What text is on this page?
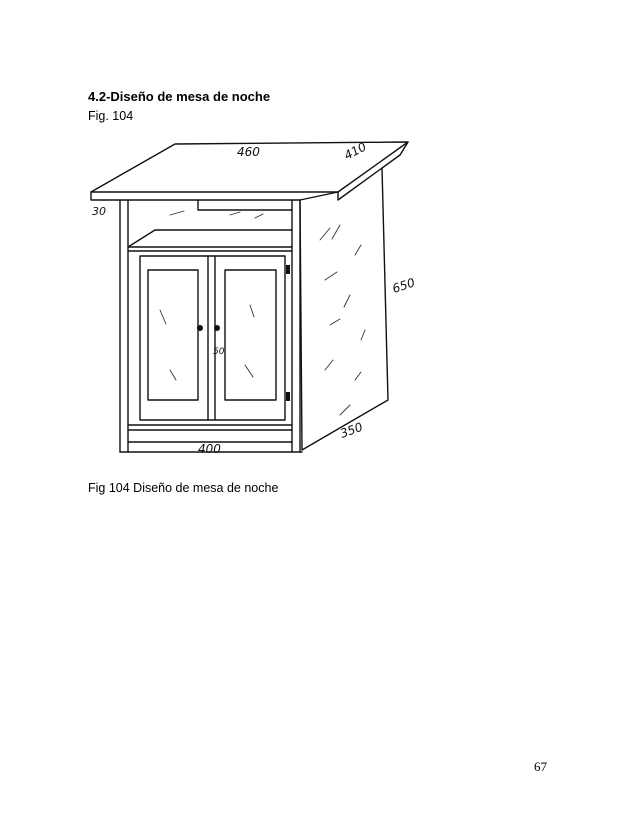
4.2-Diseño de mesa de noche
Fig. 104
460	410
30
650
350
400
50
Fig 104 Diseño de mesa de noche
67
